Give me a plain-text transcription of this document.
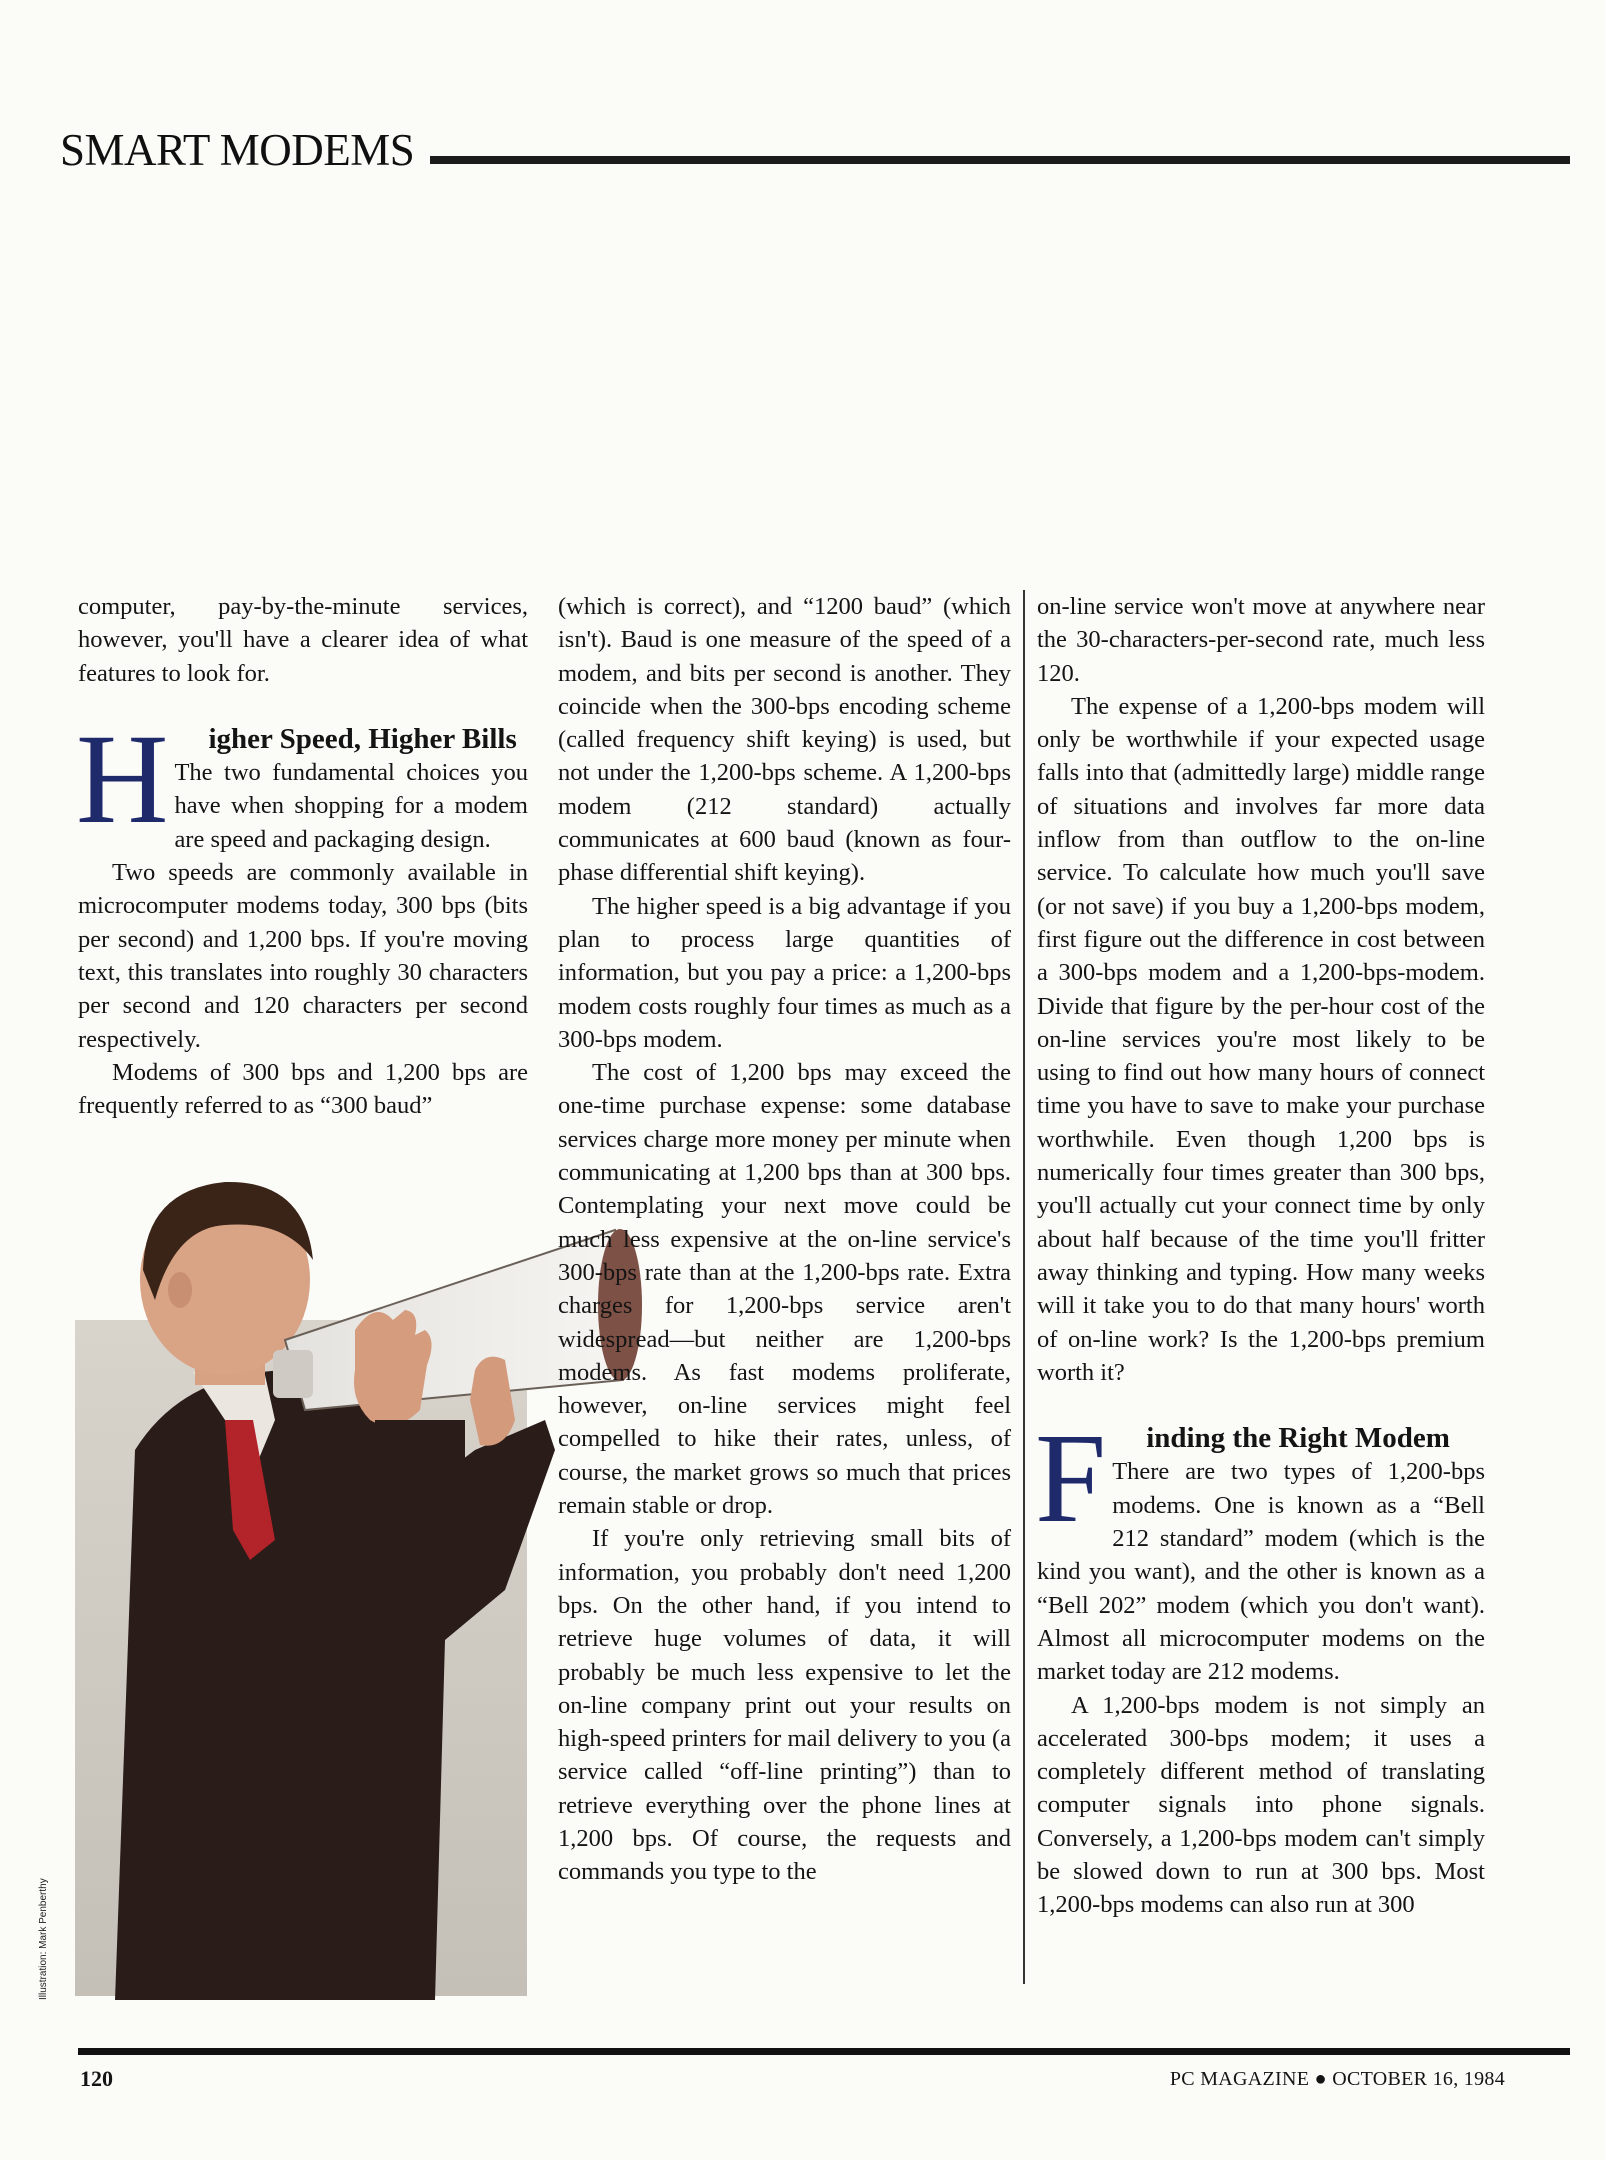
SMART MODEMS

computer, pay-by-the-minute services, however, you'll have a clearer idea of what features to look for.

H	igher Speed, Higher Bills

The two fundamental choices you have when shopping for a modem are speed and packaging design.

Two speeds are commonly available in microcomputer modems today, 300 bps (bits per second) and 1,200 bps. If you're moving text, this translates into roughly 30 characters per second and 120 characters per second respectively.

Modems of 300 bps and 1,200 bps are frequently referred to as “300 baud”

(which is correct), and “1200 baud” (which isn't). Baud is one measure of the speed of a modem, and bits per second is another. They coincide when the 300-bps encoding scheme (called frequency shift keying) is used, but not under the 1,200-bps scheme. A 1,200-bps modem (212 standard) actually communicates at 600 baud (known as four-phase differential shift keying).

The higher speed is a big advantage if you plan to process large quantities of information, but you pay a price: a 1,200-bps modem costs roughly four times as much as a 300-bps modem.

The cost of 1,200 bps may exceed the one-time purchase expense: some database services charge more money per minute when communicating at 1,200 bps than at 300 bps. Contemplating your next move could be much less expensive at the on-line service's 300-bps rate than at the 1,200-bps rate. Extra charges for 1,200-bps service aren't widespread—but neither are 1,200-bps modems. As fast modems proliferate, however, on-line services might feel compelled to hike their rates, unless, of course, the market grows so much that prices remain stable or drop.

If you're only retrieving small bits of information, you probably don't need 1,200 bps. On the other hand, if you intend to retrieve huge volumes of data, it will probably be much less expensive to let the on-line company print out your results on high-speed printers for mail delivery to you (a service called “off-line printing”) than to retrieve everything over the phone lines at 1,200 bps. Of course, the requests and commands you type to the

on-line service won't move at anywhere near the 30-characters-per-second rate, much less 120.

The expense of a 1,200-bps modem will only be worthwhile if your expected usage falls into that (admittedly large) middle range of situations and involves far more data inflow from than outflow to the on-line service. To calculate how much you'll save (or not save) if you buy a 1,200-bps modem, first figure out the difference in cost between a 300-bps modem and a 1,200-bps-modem. Divide that figure by the per-hour cost of the on-line services you're most likely to be using to find out how many hours of connect time you have to save to make your purchase worthwhile. Even though 1,200 bps is numerically four times greater than 300 bps, you'll actually cut your connect time by only about half because of the time you'll fritter away thinking and typing. How many weeks will it take you to do that many hours' worth of on-line work? Is the 1,200-bps premium worth it?

F	inding the Right Modem

There are two types of 1,200-bps modems. One is known as a “Bell 212 standard” modem (which is the kind you want), and the other is known as a “Bell 202” modem (which you don't want). Almost all microcomputer modems on the market today are 212 modems.

A 1,200-bps modem is not simply an accelerated 300-bps modem; it uses a completely different method of translating computer signals into phone signals. Conversely, a 1,200-bps modem can't simply be slowed down to run at 300 bps. Most 1,200-bps modems can also run at 300

Illustration: Mark Penberthy
120	PC MAGAZINE ● OCTOBER 16, 1984
